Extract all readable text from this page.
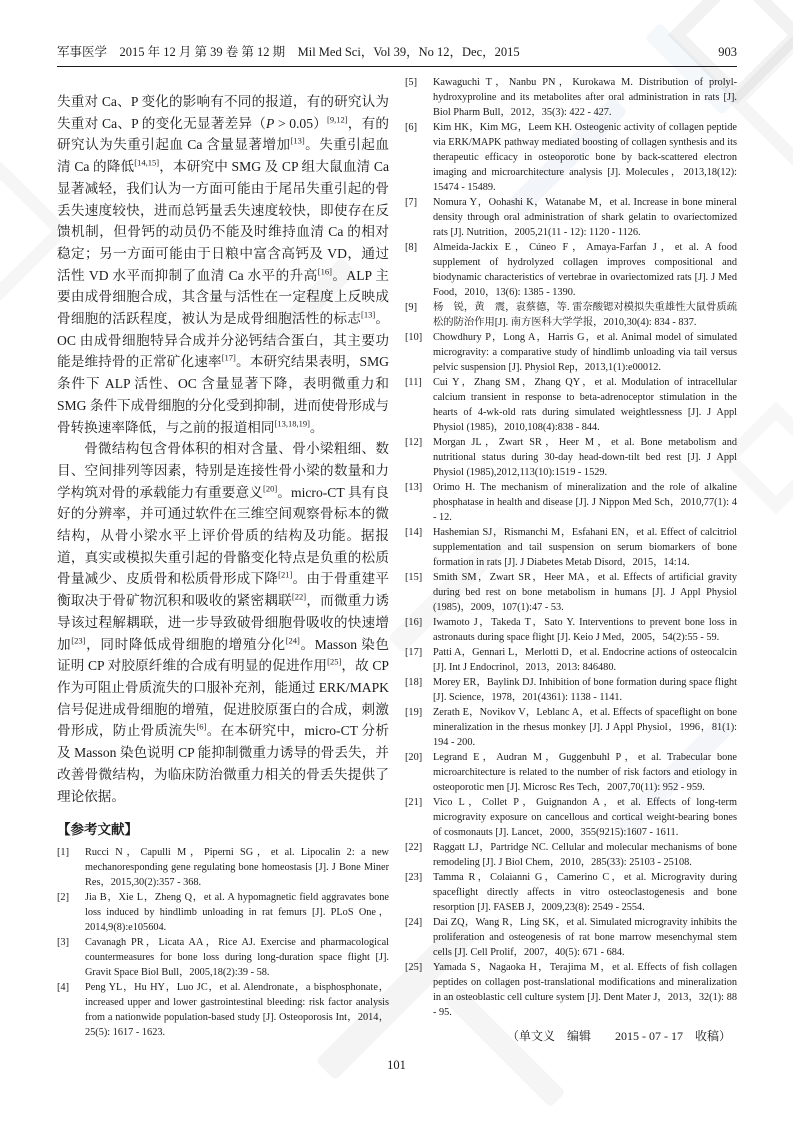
军事医学　2015 年 12 月 第 39 卷 第 12 期　Mil Med Sci，Vol 39，No 12，Dec，2015	903

失重对 Ca、P 变化的影响有不同的报道，有的研究认为失重对 Ca、P 的变化无显著差异（P > 0.05）[9,12]，有的研究认为失重引起血 Ca 含量显著增加[13]。失重引起血清 Ca 的降低[14,15]，本研究中 SMG 及 CP 组大鼠血清 Ca 显著减轻，我们认为一方面可能由于尾吊失重引起的骨丢失速度较快，进而总钙量丢失速度较快，即使存在反馈机制，但骨钙的动员仍不能及时维持血清 Ca 的相对稳定；另一方面可能由于日粮中富含高钙及 VD，通过活性 VD 水平而抑制了血清 Ca 水平的升高[16]。ALP 主要由成骨细胞合成，其含量与活性在一定程度上反映成骨细胞的活跃程度，被认为是成骨细胞活性的标志[13]。OC 由成骨细胞特异合成并分泌钙结合蛋白，其主要功能是维持骨的正常矿化速率[17]。本研究结果表明，SMG 条件下 ALP 活性、OC 含量显著下降，表明微重力和 SMG 条件下成骨细胞的分化受到抑制，进而使骨形成与骨转换速率降低，与之前的报道相同[13,18,19]。

骨微结构包含骨体积的相对含量、骨小梁粗细、数目、空间排列等因素，特别是连接性骨小梁的数量和力学构筑对骨的承载能力有重要意义[20]。micro-CT 具有良好的分辨率，并可通过软件在三维空间观察骨标本的微结构，从骨小梁水平上评价骨质的结构及功能。据报道，真实或模拟失重引起的骨骼变化特点是负重的松质骨量减少、皮质骨和松质骨形成下降[21]。由于骨重建平衡取决于骨矿物沉积和吸收的紧密耦联[22]，而微重力诱导该过程解耦联，进一步导致破骨细胞骨吸收的快速增加[23]，同时降低成骨细胞的增殖分化[24]。Masson 染色证明 CP 对胶原纤维的合成有明显的促进作用[25]，故 CP 作为可阻止骨质流失的口服补充剂，能通过 ERK/MAPK 信号促进成骨细胞的增殖，促进胶原蛋白的合成，刺激骨形成，防止骨质流失[6]。在本研究中，micro-CT 分析及 Masson 染色说明 CP 能抑制微重力诱导的骨丢失，并改善骨微结构，为临床防治微重力相关的骨丢失提供了理论依据。

【参考文献】
[1]	Rucci N，Capulli M，Piperni SG，et al. Lipocalin 2: a new mechanoresponding gene regulating bone homeostasis [J]. J Bone Miner Res，2015,30(2):357 - 368.
[2]	Jia B，Xie L，Zheng Q，et al. A hypomagnetic field aggravates bone loss induced by hindlimb unloading in rat femurs [J]. PLoS One，2014,9(8):e105604.
[3]	Cavanagh PR，Licata AA，Rice AJ. Exercise and pharmacological countermeasures for bone loss during long-duration space flight [J]. Gravit Space Biol Bull，2005,18(2):39 - 58.
[4]	Peng YL，Hu HY，Luo JC，et al. Alendronate，a bisphosphonate，increased upper and lower gastrointestinal bleeding: risk factor analysis from a nationwide population-based study [J]. Osteoporosis Int，2014，25(5): 1617 - 1623.
[5]	Kawaguchi T，Nanbu PN，Kurokawa M. Distribution of prolyl-hydroxyproline and its metabolites after oral administration in rats [J]. Biol Pharm Bull，2012，35(3): 422 - 427.
[6]	Kim HK，Kim MG，Leem KH. Osteogenic activity of collagen peptide via ERK/MAPK pathway mediated boosting of collagen synthesis and its therapeutic efficacy in osteoporotic bone by back-scattered electron imaging and microarchitecture analysis [J]. Molecules，2013,18(12): 15474 - 15489.
[7]	Nomura Y，Oohashi K，Watanabe M，et al. Increase in bone mineral density through oral administration of shark gelatin to ovariectomized rats [J]. Nutrition，2005,21(11 - 12): 1120 - 1126.
[8]	Almeida-Jackix E，Cúneo F，Amaya-Farfan J，et al. A food supplement of hydrolyzed collagen improves compositional and biodynamic characteristics of vertebrae in ovariectomized rats [J]. J Med Food，2010，13(6): 1385 - 1390.
[9]	杨　锐，黄　震，袁蔡德，等. 雷奈酸锶对模拟失重雄性大鼠骨质疏松的防治作用[J]. 南方医科大学学报，2010,30(4): 834 - 837.
[10]	Chowdhury P，Long A，Harris G，et al. Animal model of simulated microgravity: a comparative study of hindlimb unloading via tail versus pelvic suspension [J]. Physiol Rep，2013,1(1):e00012.
[11]	Cui Y，Zhang SM，Zhang QY，et al. Modulation of intracellular calcium transient in response to beta-adrenoceptor stimulation in the hearts of 4-wk-old rats during simulated weightlessness [J]. J Appl Physiol (1985)，2010,108(4):838 - 844.
[12]	Morgan JL，Zwart SR，Heer M，et al. Bone metabolism and nutritional status during 30-day head-down-tilt bed rest [J]. J Appl Physiol (1985),2012,113(10):1519 - 1529.
[13]	Orimo H. The mechanism of mineralization and the role of alkaline phosphatase in health and disease [J]. J Nippon Med Sch，2010,77(1): 4 - 12.
[14]	Hashemian SJ，Rismanchi M，Esfahani EN，et al. Effect of calcitriol supplementation and tail suspension on serum biomarkers of bone formation in rats [J]. J Diabetes Metab Disord，2015，14:14.
[15]	Smith SM，Zwart SR，Heer MA，et al. Effects of artificial gravity during bed rest on bone metabolism in humans [J]. J Appl Physiol (1985)，2009，107(1):47 - 53.
[16]	Iwamoto J，Takeda T，Sato Y. Interventions to prevent bone loss in astronauts during space flight [J]. Keio J Med，2005，54(2):55 - 59.
[17]	Patti A，Gennari L，Merlotti D，et al. Endocrine actions of osteocalcin [J]. Int J Endocrinol，2013，2013: 846480.
[18]	Morey ER，Baylink DJ. Inhibition of bone formation during space flight [J]. Science，1978，201(4361): 1138 - 1141.
[19]	Zerath E，Novikov V，Leblanc A，et al. Effects of spaceflight on bone mineralization in the rhesus monkey [J]. J Appl Physiol，1996，81(1): 194 - 200.
[20]	Legrand E，Audran M，Guggenbuhl P，et al. Trabecular bone microarchitecture is related to the number of risk factors and etiology in osteoporotic men [J]. Microsc Res Tech，2007,70(11): 952 - 959.
[21]	Vico L，Collet P，Guignandon A，et al. Effects of long-term microgravity exposure on cancellous and cortical weight-bearing bones of cosmonauts [J]. Lancet，2000，355(9215):1607 - 1611.
[22]	Raggatt LJ，Partridge NC. Cellular and molecular mechanisms of bone remodeling [J]. J Biol Chem，2010，285(33): 25103 - 25108.
[23]	Tamma R，Colaianni G，Camerino C，et al. Microgravity during spaceflight directly affects in vitro osteoclastogenesis and bone resorption [J]. FASEB J，2009,23(8): 2549 - 2554.
[24]	Dai ZQ，Wang R，Ling SK，et al. Simulated microgravity inhibits the proliferation and osteogenesis of rat bone marrow mesenchymal stem cells [J]. Cell Prolif，2007，40(5): 671 - 684.
[25]	Yamada S，Nagaoka H，Terajima M，et al. Effects of fish collagen peptides on collagen post-translational modifications and mineralization in an osteoblastic cell culture system [J]. Dent Mater J，2013，32(1): 88 - 95.
（单文义　编辑　　2015 - 07 - 17　收稿）
101
